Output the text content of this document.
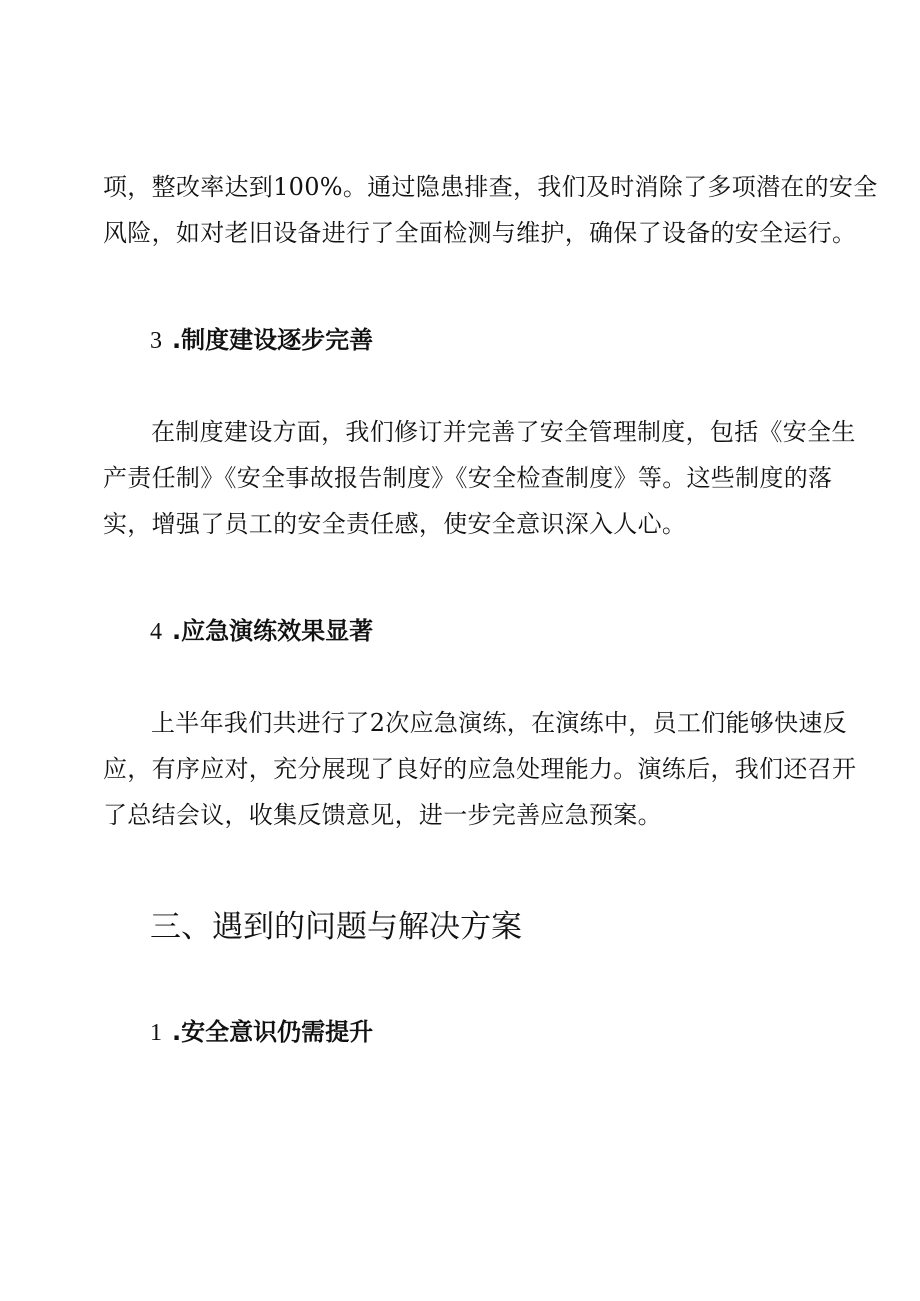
项，整改率达到100%。通过隐患排查，我们及时消除了多项潜在的安全
风险，如对老旧设备进行了全面检测与维护，确保了设备的安全运行。
3 .制度建设逐步完善
在制度建设方面，我们修订并完善了安全管理制度，包括《安全生
产责任制》《安全事故报告制度》《安全检查制度》等。这些制度的落
实，增强了员工的安全责任感，使安全意识深入人心。
4 .应急演练效果显著
上半年我们共进行了2次应急演练，在演练中，员工们能够快速反
应，有序应对，充分展现了良好的应急处理能力。演练后，我们还召开
了总结会议，收集反馈意见，进一步完善应急预案。
三、遇到的问题与解决方案
1 .安全意识仍需提升
